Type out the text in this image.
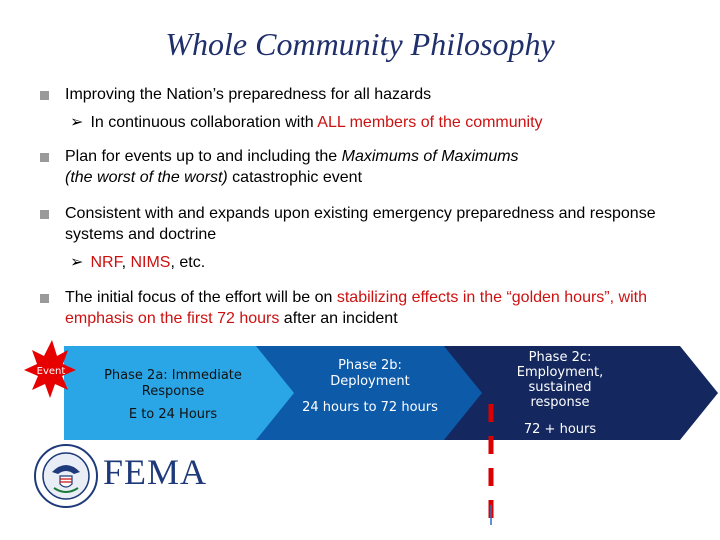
Whole Community Philosophy
Improving the Nation’s preparedness for all hazards
➢ In continuous collaboration with ALL members of the community
Plan for events up to and including the Maximums of Maximums
(the worst of the worst) catastrophic event
Consistent with and expands upon existing emergency preparedness and response systems and doctrine
➢ NRF, NIMS, etc.
The initial focus of the effort will be on stabilizing effects in the “golden hours”, with emphasis on the first 72 hours after an incident
Event	Phase 2a: Immediate Response
E to 24 Hours
Phase 2b: Deployment
24 hours to 72 hours
Phase 2c: Employment, sustained response
72 + hours
FEMA
